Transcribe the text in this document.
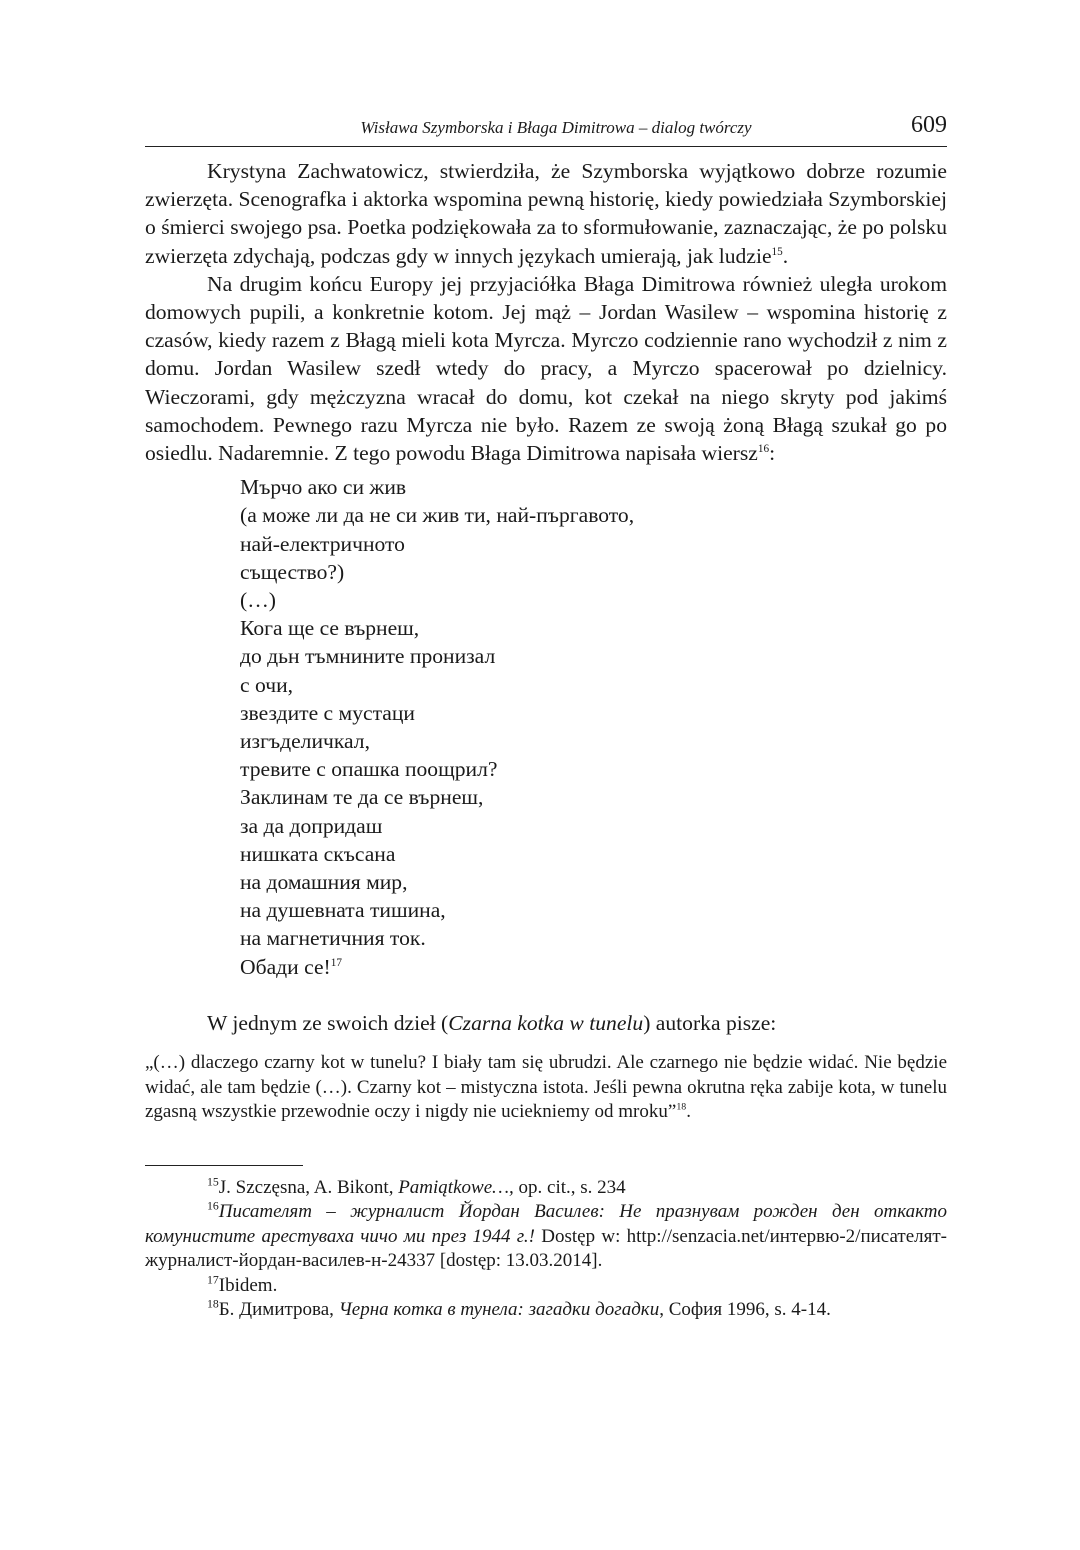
Wisława Szymborska i Błaga Dimitrowa – dialog twórczy	609

Krystyna Zachwatowicz, stwierdziła, że Szymborska wyjątkowo dobrze rozumie zwierzęta. Scenografka i aktorka wspomina pewną historię, kiedy powiedziała Szymborskiej o śmierci swojego psa. Poetka podziękowała za to sformułowanie, zaznaczając, że po polsku zwierzęta zdychają, podczas gdy w innych językach umierają, jak ludzie$^{15}$.

Na drugim końcu Europy jej przyjaciółka Błaga Dimitrowa również uległa urokom domowych pupili, a konkretnie kotom. Jej mąż – Jordan Wasilew – wspomina historię z czasów, kiedy razem z Błagą mieli kota Myrcza. Myrczo codziennie rano wychodził z nim z domu. Jordan Wasilew szedł wtedy do pracy, a Myrczo spacerował po dzielnicy. Wieczorami, gdy mężczyzna wracał do domu, kot czekał na niego skryty pod jakimś samochodem. Pewnego razu Myrcza nie było. Razem ze swoją żoną Błagą szukał go po osiedlu. Nadaremnie. Z tego powodu Błaga Dimitrowa napisała wiersz$^{16}$:

Мърчо ако си жив
(а може ли да не си жив ти, най-пъргавото,
най-електричното
същество?)
(…)
Кога ще се върнеш,
до дьн тъмнините пронизал
с очи,
звездите с мустаци
изгъделичкал,
тревите с опашка поощрил?
Заклинам те да се върнеш,
за да допридаш
нишката скъсана
на домашния мир,
на душевната тишина,
на магнетичния ток.
Обади се!$^{17}$

W jednym ze swoich dzieł (Czarna kotka w tunelu) autorka pisze:

„(…) dlaczego czarny kot w tunelu? I biały tam się ubrudzi. Ale czarnego nie będzie widać. Nie będzie widać, ale tam będzie (…). Czarny kot – mistyczna istota. Jeśli pewna okrutna ręka zabije kota, w tunelu zgasną wszystkie przewodnie oczy i nigdy nie uciekniemy od mroku”$^{18}$.

$^{15}$J. Szczęsna, A. Bikont, Pamiątkowe…, op. cit., s. 234

$^{16}$Писателят – журналист Йордан Василев: Не празнувам рожден ден откакто комунистите арестуваха чичо ми през 1944 г.! Dostęp w: http://senzacia.net/интервю-2/писателят-журналист-йордан-василев-н-24337 [dostęp: 13.03.2014].

$^{17}$Ibidem.

$^{18}$Б. Димитрова, Черна котка в тунела: загадки догадки, София 1996, s. 4-14.
